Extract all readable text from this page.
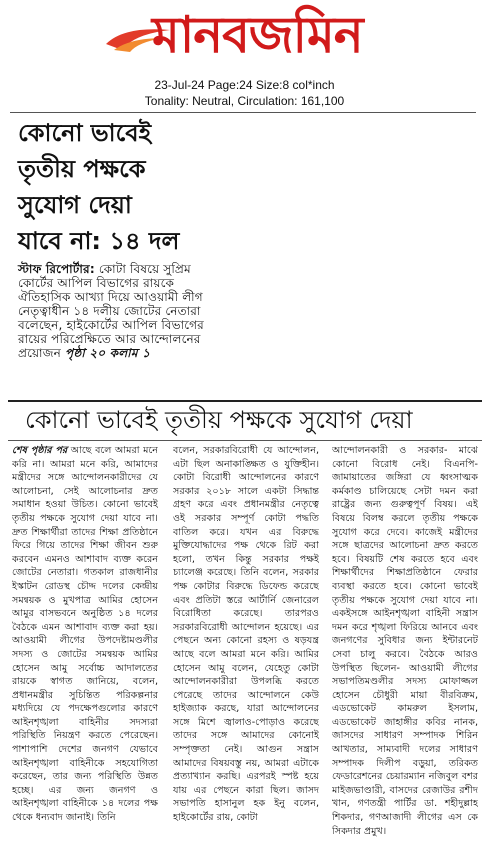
মানবজমিন
23-Jul-24 Page:24 Size:8 col*inch
Tonality: Neutral, Circulation: 161,100
কোনো ভাবেই
তৃতীয় পক্ষকে
সুযোগ দেয়া
যাবে না: ১৪ দল
স্টাফ রিপোর্টার: কোটা বিষয়ে সুপ্রিম কোর্টের আপিল বিভাগের রায়কে ঐতিহাসিক আখ্যা দিয়ে আওয়ামী লীগ নেতৃত্বাধীন ১৪ দলীয় জোটের নেতারা বলেছেন, হাইকোর্টের আপিল বিভাগের রায়ের পরিপ্রেক্ষিতে আর আন্দোলনের প্রয়োজন পৃষ্ঠা ২০ কলাম ১
কোনো ভাবেই তৃতীয় পক্ষকে সুযোগ দেয়া
শেষ পৃষ্ঠার পর আছে বলে আমরা মনে করি না। আমরা মনে করি, আমাদের মন্ত্রীদের সঙ্গে আন্দোলনকারীদের যে আলোচনা, সেই আলোচনার দ্রুত সমাধান হওয়া উচিত। কোনো ভাবেই তৃতীয় পক্ষকে সুযোগ দেয়া যাবে না। দ্রুত শিক্ষার্থীরা তাদের শিক্ষা প্রতিষ্ঠানে ফিরে গিয়ে তাদের শিক্ষা জীবন শুরু করবেন এমনও আশাবাদ ব্যক্ত করেন জোটের নেতারা। গতকাল রাজধানীর ইস্কাটন রোডস্থ চৌদ্দ দলের কেন্দ্রীয় সমন্বয়ক ও মুখপাত্র আমির হোসেন আমুর বাসভবনে অনুষ্ঠিত ১৪ দলের বৈঠকে এমন আশাবাদ ব্যক্ত করা হয়। আওয়ামী লীগের উপদেষ্টামণ্ডলীর সদস্য ও জোটের সমন্বয়ক আমির হোসেন আমু সর্বোচ্চ আদালতের রায়কে স্বাগত জানিয়ে, বলেন, প্রধানমন্ত্রীর সুচিন্তিত পরিকল্পনার মধ্যদিয়ে যে পদক্ষেপগুলোর কারণে আইনশৃঙ্খলা বাহিনীর সদস্যরা পরিস্থিতি নিয়ন্ত্রণ করতে পেরেছেন। পাশাপাশি দেশের জনগণ যেভাবে আইনশৃঙ্খলা বাহিনীকে সহযোগিতা করেছেন, তার জন্য পরিস্থিতি উন্নত হচ্ছে। এর জন্য জনগণ ও আইনশৃঙ্খলা বাহিনীকে ১৪ দলের পক্ষ থেকে ধন্যবাদ জানাই। তিনি
বলেন, সরকারবিরোধী যে আন্দোলন, এটা ছিল অনাকাঙ্ক্ষিত ও যুক্তিহীন। কোটা বিরোধী আন্দোলনের কারণে সরকার ২০১৮ সালে একটা সিদ্ধান্ত গ্রহণ করে এবং প্রধানমন্ত্রীর নেতৃত্বে ওই সরকার সম্পূর্ণ কোটা পদ্ধতি বাতিল করে। যখন এর বিরুদ্ধে মুক্তিযোদ্ধাদের পক্ষ থেকে রিট করা হলো, তখন কিন্তু সরকার পক্ষই চ্যালেঞ্জ করেছে। তিনি বলেন, সরকার পক্ষ কোটার বিরুদ্ধে ডিফেন্ড করেছে এবং প্রতিটা স্তরে আর্টার্নি জেনারেল বিরোধিতা করেছে। তারপরও সরকারবিরোধী আন্দোলন হয়েছে। এর পেছনে অন্য কোনো রহস্য ও ষড়যন্ত্র আছে বলে আমরা মনে করি। আমির হোসেন আমু বলেন, যেহেতু কোটা আন্দোলনকারীরা উপলব্ধি করতে পেরেছে তাদের আন্দোলনে কেউ হাইজ্যাক করছে, যারা আন্দোলনের সঙ্গে মিশে জ্বালাও-পোড়াও করেছে তাদের সঙ্গে আমাদের কোনোই সম্পৃক্ততা নেই। আগুন সন্ত্রাস আমাদের বিষয়বস্তু নয়, আমরা এটাকে প্রত্যাখ্যান করছি। এরপরই স্পষ্ট হয়ে যায় এর পেছনে কারা ছিল। জাসদ সভাপতি হাসানুল হক ইনু বলেন, হাইকোর্টের রায়, কোটা
আন্দোলনকারী ও সরকার- মাঝে কোনো বিরোধ নেই। বিএনপি-জামায়াতের জঙ্গিরা যে ধ্বংসাত্মক কর্মকাণ্ড চালিয়েছে সেটা দমন করা রাষ্ট্রের জন্য গুরুত্বপূর্ণ বিষয়। এই বিষয়ে বিলম্ব করলে তৃতীয় পক্ষকে সুযোগ করে দেবে। কাজেই মন্ত্রীদের সঙ্গে ছাত্রদের আলোচনা দ্রুত করতে হবে। বিষয়টি শেষ করতে হবে এবং শিক্ষার্থীদের শিক্ষাপ্রতিষ্ঠানে ফেরার ব্যবস্থা করতে হবে। কোনো ভাবেই তৃতীয় পক্ষকে সুযোগ দেয়া যাবে না। একইসঙ্গে আইনশৃঙ্খলা বাহিনী সন্ত্রাস দমন করে শৃঙ্খলা ফিরিয়ে আনবে এবং জনগণের সুবিধার জন্য ইন্টারনেট সেবা চালু করবে। বৈঠকে আরও উপস্থিত ছিলেন- আওয়ামী লীগের সভাপতিমণ্ডলীর সদস্য মোফাজ্জল হোসেন চৌধুরী মায়া বীরবিক্রম, এডভোকেট কামরুল ইসলাম, এডভোকেট জাহাঙ্গীর কবির নানক, জাসদের সাধারণ সম্পাদক শিরিন আখতার, সাম্যবাদী দলের সাধারণ সম্পাদক দিলীপ বড়ুয়া, তরিকত ফেডারেশনের চেয়ারম্যান নজিবুল বশর মাইজভাণ্ডারী, বাসদের রেজাউর রশীদ খান, গণতন্ত্রী পার্টির ডা. শহীদুল্লাহ শিকদার, গণআজাদী লীগের এস কে সিকদার প্রমুখ।
